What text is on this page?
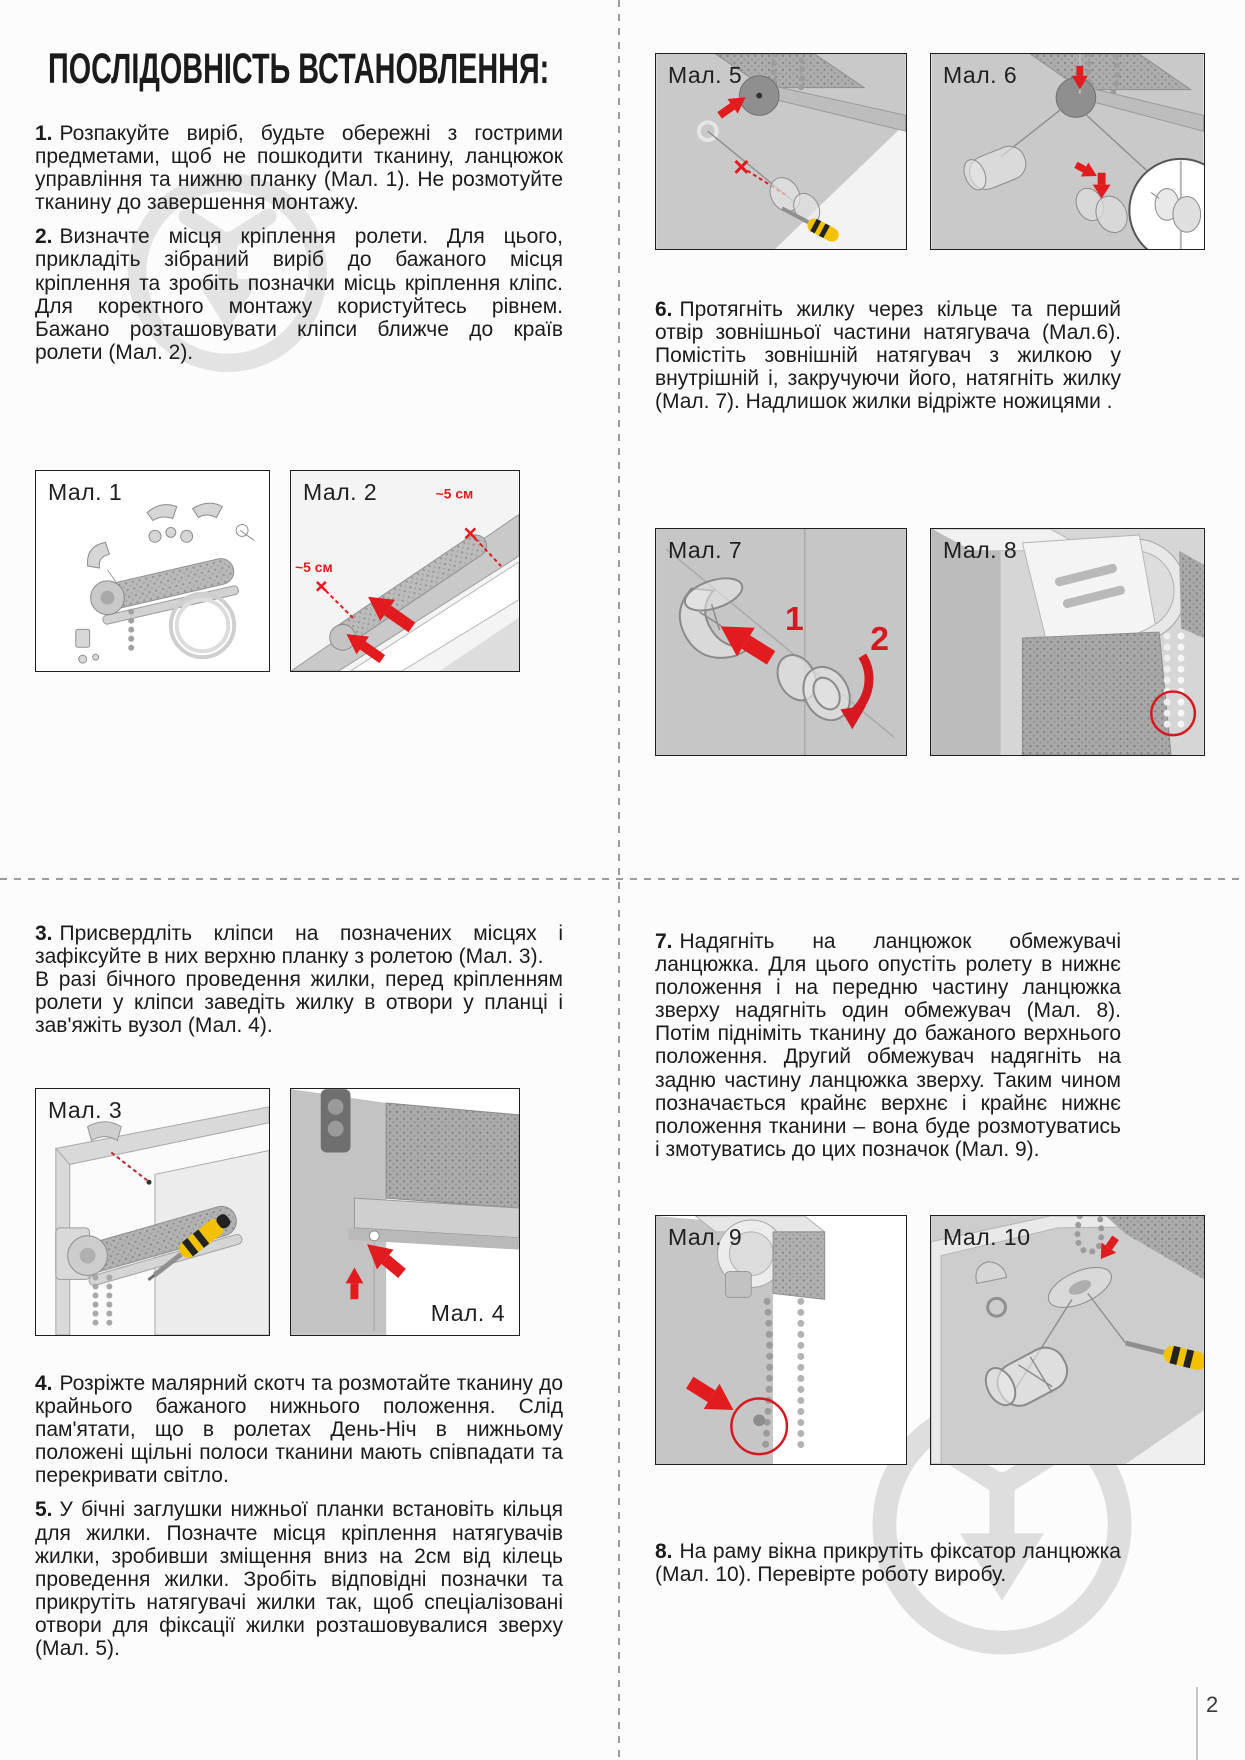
ПОСЛІДОВНІСТЬ ВСТАНОВЛЕННЯ:

1. Розпакуйте виріб, будьте обережні з гострими предметами, щоб не пошкодити тканину, ланцюжок управління та нижню планку (Мал. 1). Не розмотуйте тканину до завершення монтажу.

2. Визначте місця кріплення ролети. Для цього, прикладіть зібраний виріб до бажаного місця кріплення та зробіть позначки місць кріплення кліпс. Для коректного монтажу користуйтесь рівнем. Бажано розташовувати кліпси ближче до країв ролети (Мал. 2).

Мал. 1	~5 см
~5 см
Мал. 2
Мал. 5	Мал. 6

6. Протягніть жилку через кільце та перший отвір зовнішньої частини натягувача (Мал.6). Помістіть зовнішній натягувач з жилкою у внутрішній і, закручуючи його, натягніть жилку (Мал. 7). Надлишок жилки відріжте ножицями .

1
2
Мал. 7	Мал. 8

3. Присвердліть кліпси на позначених місцях і зафіксуйте в них верхню планку з ролетою (Мал. 3).

В разі бічного проведення жилки, перед кріпленням ролети у кліпси заведіть жилку в отвори у планці і зав'яжіть вузол (Мал. 4).

Мал. 3
Мал. 4

4. Розріжте малярний скотч та розмотайте тканину до крайнього бажаного нижнього положення. Слід пам'ятати, що в ролетах День-Ніч в нижньому положені щільні полоси тканини мають співпадати та перекривати світло.

5. У бічні заглушки нижньої планки встановіть кільця для жилки. Позначте місця кріплення натягувачів жилки, зробивши зміщення вниз на 2см від кілець проведення жилки. Зробіть відповідні позначки та прикрутіть натягувачі жилки так, щоб спеціалізовані отвори для фіксації жилки розташовувалися зверху (Мал. 5).

7. Надягніть на ланцюжок обмежувачі ланцюжка. Для цього опустіть ролету в нижнє положення і на передню частину ланцюжка зверху надягніть один обмежувач (Мал. 8). Потім підніміть тканину до бажаного верхнього положення. Другий обмежувач надягніть на задню частину ланцюжка зверху. Таким чином позначається крайнє верхнє і крайнє нижнє положення тканини – вона буде розмотуватись і змотуватись до цих позначок (Мал. 9).

Мал. 9	Мал. 10

8. На раму вікна прикрутіть фіксатор ланцюжка (Мал. 10). Перевірте роботу виробу.

2
